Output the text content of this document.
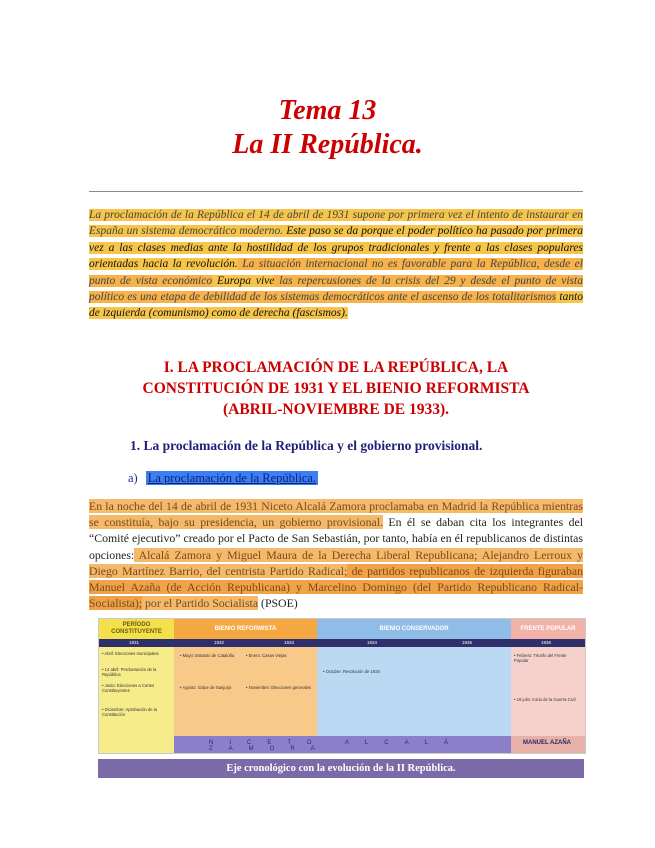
Tema 13
La II República.
La proclamación de la República el 14 de abril de 1931 supone por primera vez el intento de instaurar en España un sistema democrático moderno. Este paso se da porque el poder político ha pasado por primera vez a las clases medias ante la hostilidad de los grupos tradicionales y frente a las clases populares orientadas hacia la revolución. La situación internacional no es favorable para la República, desde el punto de vista económico Europa vive las repercusiones de la crisis del 29 y desde el punto de vista político es una etapa de debilidad de los sistemas democráticos ante el ascenso de los totalitarismos tanto de izquierda (comunismo) como de derecha (fascismos).
I. LA PROCLAMACIÓN DE LA REPÚBLICA, LA
CONSTITUCIÓN DE 1931 Y EL BIENIO REFORMISTA
(ABRIL-NOVIEMBRE DE 1933).
1. La proclamación de la República y el gobierno provisional.
a) La proclamación de la República.
En la noche del 14 de abril de 1931 Niceto Alcalá Zamora proclamaba en Madrid la República mientras se constituía, bajo su presidencia, un gobierno provisional. En él se daban cita los integrantes del “Comité ejecutivo” creado por el Pacto de San Sebastián, por tanto, había en él republicanos de distintas opciones: Alcalá Zamora y Miguel Maura de la Derecha Liberal Republicana; Alejandro Lerroux y Diego Martínez Barrio, del centrista Partido Radical; de partidos republicanos de izquierda figuraban Manuel Azaña (de Acción Republicana) y Marcelino Domingo (del Partido Republicano Radical-Socialista); por el Partido Socialista (PSOE)
PERÍODO CONSTITUYENTE
1931
• Abril: Elecciones municipales
• 14 abril: Proclamación de la República
• Junio: Elecciones a Cortes Constituyentes
• Diciembre: Aprobación de la Constitución
BIENIO REFORMISTA
1932	1933
• Mayo: Estatuto de Cataluña
• Agosto: Golpe de Sanjurjo
• Enero: Casas Viejas
• Noviembre: Elecciones generales
BIENIO CONSERVADOR
1934	1935
• Octubre: Revolución de 1934
FRENTE POPULAR
1936
• Febrero: Triunfo del Frente Popular
• 18 julio: Inicio de la Guerra Civil
NICETO ALCALÁ ZAMORA
MANUEL AZAÑA
Eje cronológico con la evolución de la II República.
